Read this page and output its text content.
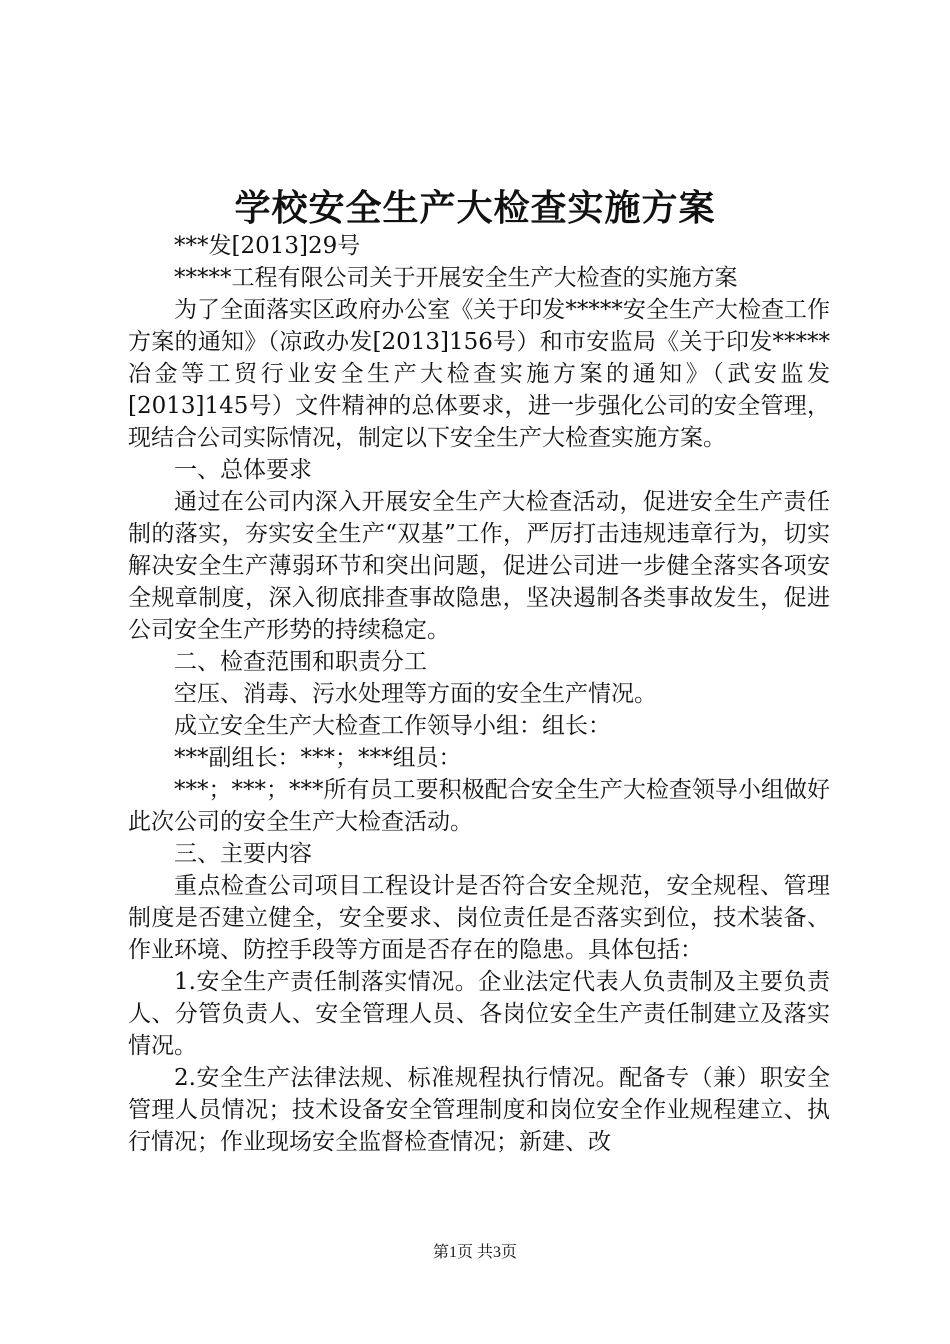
学校安全生产大检查实施方案

***发[2013]29号

*****工程有限公司关于开展安全生产大检查的实施方案

为了全面落实区政府办公室《关于印发*****安全生产大检查工作方案的通知》（凉政办发[2013]156号）和市安监局《关于印发*****冶金等工贸行业安全生产大检查实施方案的通知》（武安监发[2013]145号）文件精神的总体要求，进一步强化公司的安全管理，现结合公司实际情况，制定以下安全生产大检查实施方案。

一、总体要求

通过在公司内深入开展安全生产大检查活动，促进安全生产责任制的落实，夯实安全生产“双基”工作，严厉打击违规违章行为，切实解决安全生产薄弱环节和突出问题，促进公司进一步健全落实各项安全规章制度，深入彻底排查事故隐患，坚决遏制各类事故发生，促进公司安全生产形势的持续稳定。

二、检查范围和职责分工

空压、消毒、污水处理等方面的安全生产情况。

成立安全生产大检查工作领导小组：组长：

***副组长：***；***组员：

***；***；***所有员工要积极配合安全生产大检查领导小组做好此次公司的安全生产大检查活动。

三、主要内容

重点检查公司项目工程设计是否符合安全规范，安全规程、管理制度是否建立健全，安全要求、岗位责任是否落实到位，技术装备、作业环境、防控手段等方面是否存在的隐患。具体包括：

1.安全生产责任制落实情况。企业法定代表人负责制及主要负责人、分管负责人、安全管理人员、各岗位安全生产责任制建立及落实情况。

2.安全生产法律法规、标准规程执行情况。配备专（兼）职安全管理人员情况；技术设备安全管理制度和岗位安全作业规程建立、执行情况；作业现场安全监督检查情况；新建、改

第1页 共3页
